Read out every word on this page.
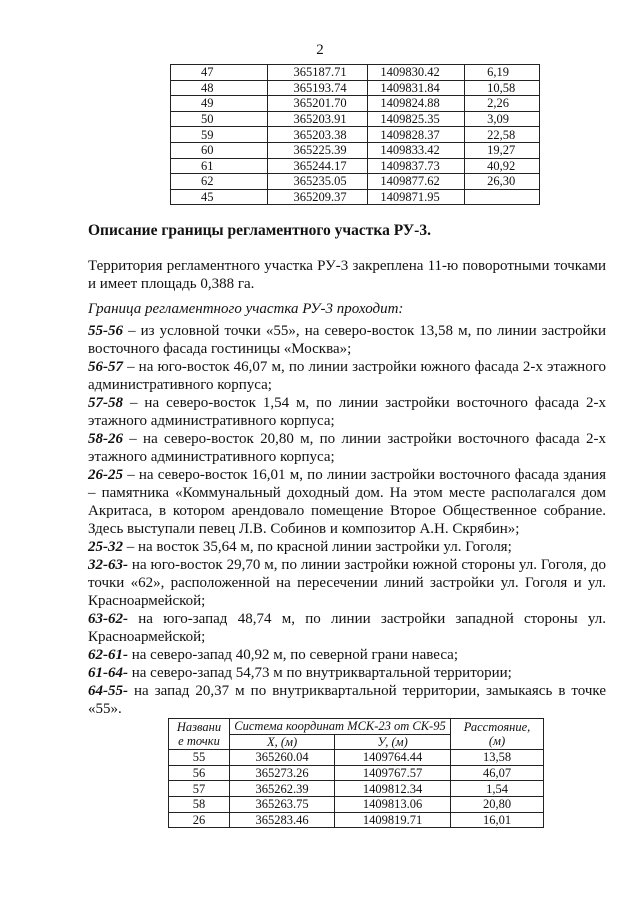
2
47	365187.71	1409830.42	6,19
48	365193.74	1409831.84	10,58
49	365201.70	1409824.88	2,26
50	365203.91	1409825.35	3,09
59	365203.38	1409828.37	22,58
60	365225.39	1409833.42	19,27
61	365244.17	1409837.73	40,92
62	365235.05	1409877.62	26,30
45	365209.37	1409871.95	
Описание границы регламентного участка РУ-3.
Территория регламентного участка РУ-3 закреплена 11-ю поворотными точками и имеет площадь 0,388 га.
Граница регламентного участка РУ-3 проходит:

55-56 – из условной точки «55», на северо-восток 13,58 м, по линии застройки восточного фасада гостиницы «Москва»;

56-57 – на юго-восток 46,07 м, по линии застройки южного фасада 2-х этажного административного корпуса;

57-58 – на северо-восток 1,54 м, по линии застройки восточного фасада 2-х этажного административного корпуса;

58-26 – на северо-восток 20,80 м, по линии застройки восточного фасада 2-х этажного административного корпуса;

26-25 – на северо-восток 16,01 м, по линии застройки восточного фасада здания – памятника «Коммунальный доходный дом. На этом месте располагался дом Акритаса, в котором арендовало помещение Второе Общественное собрание. Здесь выступали певец Л.В. Собинов и композитор А.Н. Скрябин»;

25-32 – на восток 35,64 м, по красной линии застройки ул. Гоголя;

32-63- на юго-восток 29,70 м, по линии застройки южной стороны ул. Гоголя, до точки «62», расположенной на пересечении линий застройки ул. Гоголя и ул. Красноармейской;

63-62- на юго-запад 48,74 м, по линии застройки западной стороны ул. Красноармейской;

62-61- на северо-запад 40,92 м, по северной грани навеса;

61-64- на северо-запад 54,73 м по внутриквартальной территории;

64-55- на запад 20,37 м по внутриквартальной территории, замыкаясь в точке «55».

Названи е точки	Система координат МСК-23 от СК-95		Расстояние, (м)
	X, (м)	У, (м)	
55	365260.04	1409764.44	13,58
56	365273.26	1409767.57	46,07
57	365262.39	1409812.34	1,54
58	365263.75	1409813.06	20,80
26	365283.46	1409819.71	16,01
